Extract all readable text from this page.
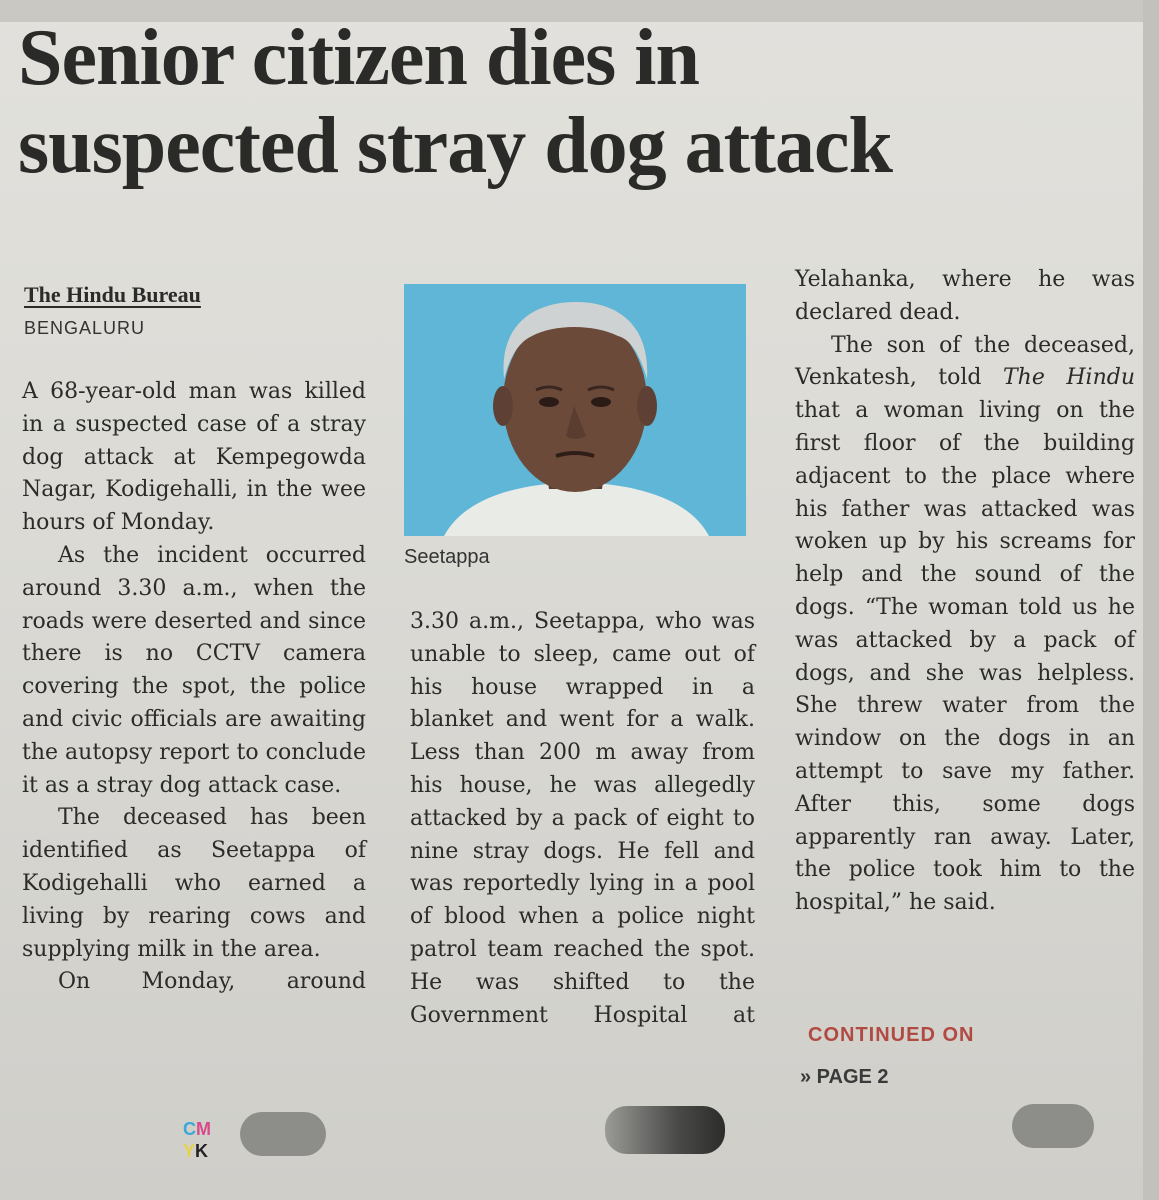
Senior citizen dies in
suspected stray dog attack
The Hindu Bureau
BENGALURU

A 68-year-old man was killed in a suspected case of a stray dog attack at Kempegowda Nagar, Kodigehalli, in the wee hours of Monday.

As the incident occurred around 3.30 a.m., when the roads were deserted and since there is no CCTV camera covering the spot, the police and civic officials are awaiting the autopsy report to conclude it as a stray dog attack case.

The deceased has been identified as Seetappa of Kodigehalli who earned a living by rearing cows and supplying milk in the area.

On Monday, around

Seetappa

3.30 a.m., Seetappa, who was unable to sleep, came out of his house wrapped in a blanket and went for a walk. Less than 200 m away from his house, he was allegedly attacked by a pack of eight to nine stray dogs. He fell and was reportedly lying in a pool of blood when a police night patrol team reached the spot. He was shifted to the Government Hospital at

Yelahanka, where he was declared dead.

The son of the deceased, Venkatesh, told The Hindu that a woman living on the first floor of the building adjacent to the place where his father was attacked was woken up by his screams for help and the sound of the dogs. “The woman told us he was attacked by a pack of dogs, and she was helpless. She threw water from the window on the dogs in an attempt to save my father. After this, some dogs apparently ran away. Later, the police took him to the hospital,” he said.

CONTINUED ON
» PAGE 2
CM
YK
